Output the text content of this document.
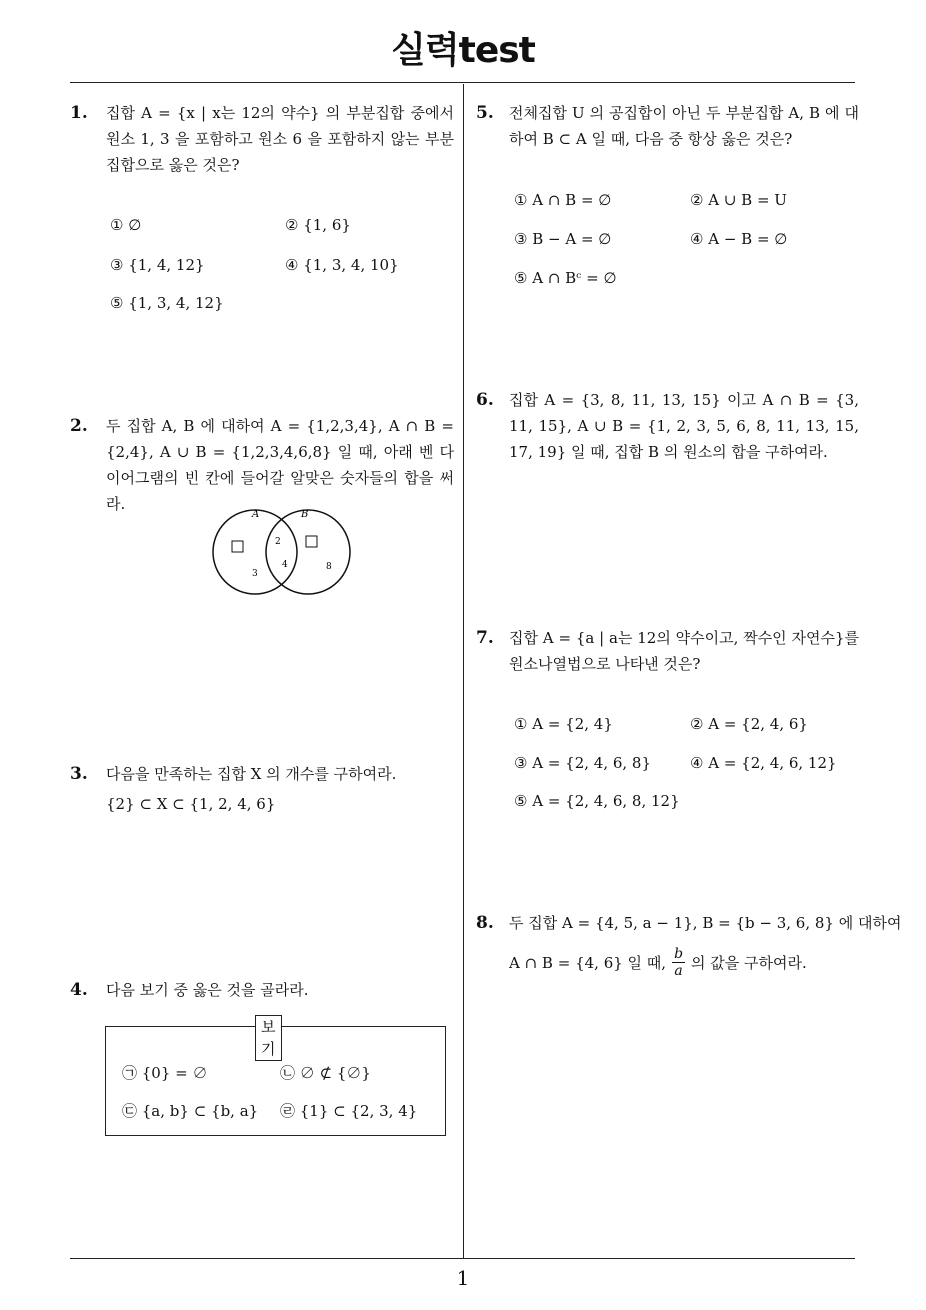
실력test
1
1. 집합 A = {x | x는 12의 약수} 의 부분집합 중에서 원소 1, 3 을 포함하고 원소 6 을 포함하지 않는 부분집합으로 옳은 것은?
① ∅	② {1, 6}
③ {1, 4, 12}	④ {1, 3, 4, 10}
⑤ {1, 3, 4, 12}
2. 두 집합 A, B 에 대하여 A = {1,2,3,4}, A ∩ B = {2,4}, A ∪ B = {1,2,3,4,6,8} 일 때, 아래 벤 다이어그램의 빈 칸에 들어갈 알맞은 숫자들의 합을 써라.
A	B
2
3
4	8
3. 다음을 만족하는 집합 X 의 개수를 구하여라.
{2} ⊂ X ⊂ {1, 2, 4, 6}
4. 다음 보기 중 옳은 것을 골라라.
보기
㉠ {0} = ∅	㉡ ∅ ⊄ {∅}
㉢ {a, b} ⊂ {b, a} ㉣ {1} ⊂ {2, 3, 4}
5. 전체집합 U 의 공집합이 아닌 두 부분집합 A, B 에 대하여 B ⊂ A 일 때, 다음 중 항상 옳은 것은?
① A ∩ B = ∅	② A ∪ B = U
③ B − A = ∅	④ A − B = ∅
⑤ A ∩ Bᶜ = ∅
6. 집합 A = {3, 8, 11, 13, 15} 이고 A ∩ B = {3, 11, 15}, A ∪ B = {1, 2, 3, 5, 6, 8, 11, 13, 15, 17, 19} 일 때, 집합 B 의 원소의 합을 구하여라.
7. 집합 A = {a | a는 12의 약수이고, 짝수인 자연수}를 원소나열법으로 나타낸 것은?
① A = {2, 4}	② A = {2, 4, 6}
③ A = {2, 4, 6, 8}	④ A = {2, 4, 6, 12}
⑤ A = {2, 4, 6, 8, 12}
8. 두 집합 A = {4, 5, a − 1}, B = {b − 3, 6, 8} 에 대하여
A ∩ B = {4, 6} 일 때, $\frac{b}{a}$ 의 값을 구하여라.
